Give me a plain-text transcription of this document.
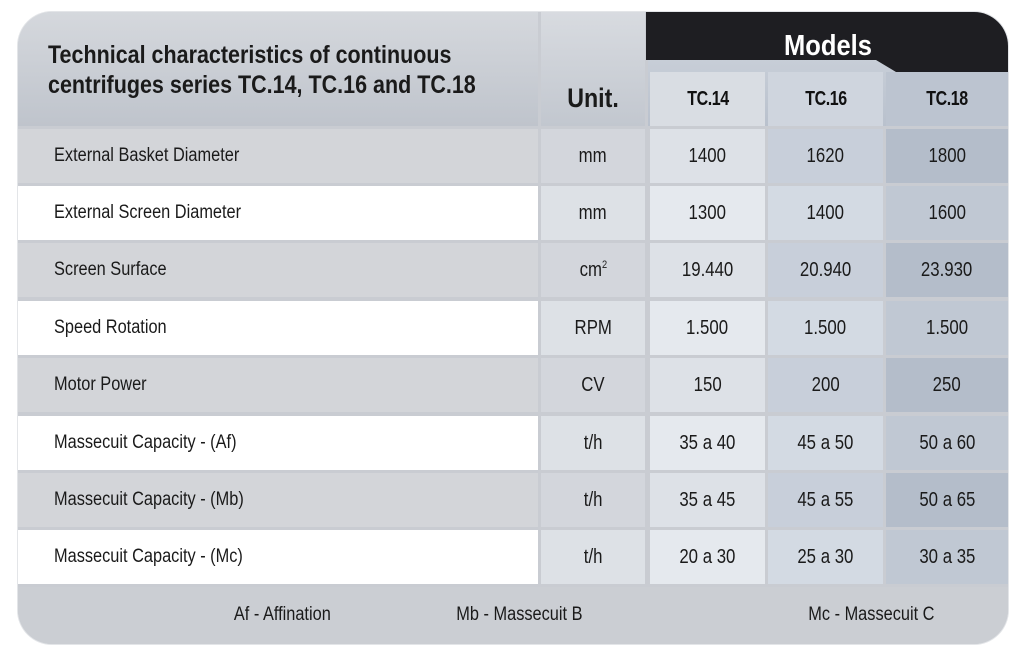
Technical characteristics of continuous
centrifuges series TC.14, TC.16 and TC.18	Unit.
Models
TC.14	TC.16	TC.18
External Basket Diameter	mm	1400	1620	1800
External Screen Diameter	mm	1300	1400	1600
Screen Surface	$cm^2$	19.440	20.940	23.930
Speed Rotation	RPM	1.500	1.500	1.500
Motor Power	CV	150	200	250
Massecuit Capacity - (Af)	t/h	35 a 40	45 a 50	50 a 60
Massecuit Capacity - (Mb)	t/h	35 a 45	45 a 55	50 a 65
Massecuit Capacity - (Mc)	t/h	20 a 30	25 a 30	30 a 35
Af - Affination	Mb - Massecuit B	Mc - Massecuit C
